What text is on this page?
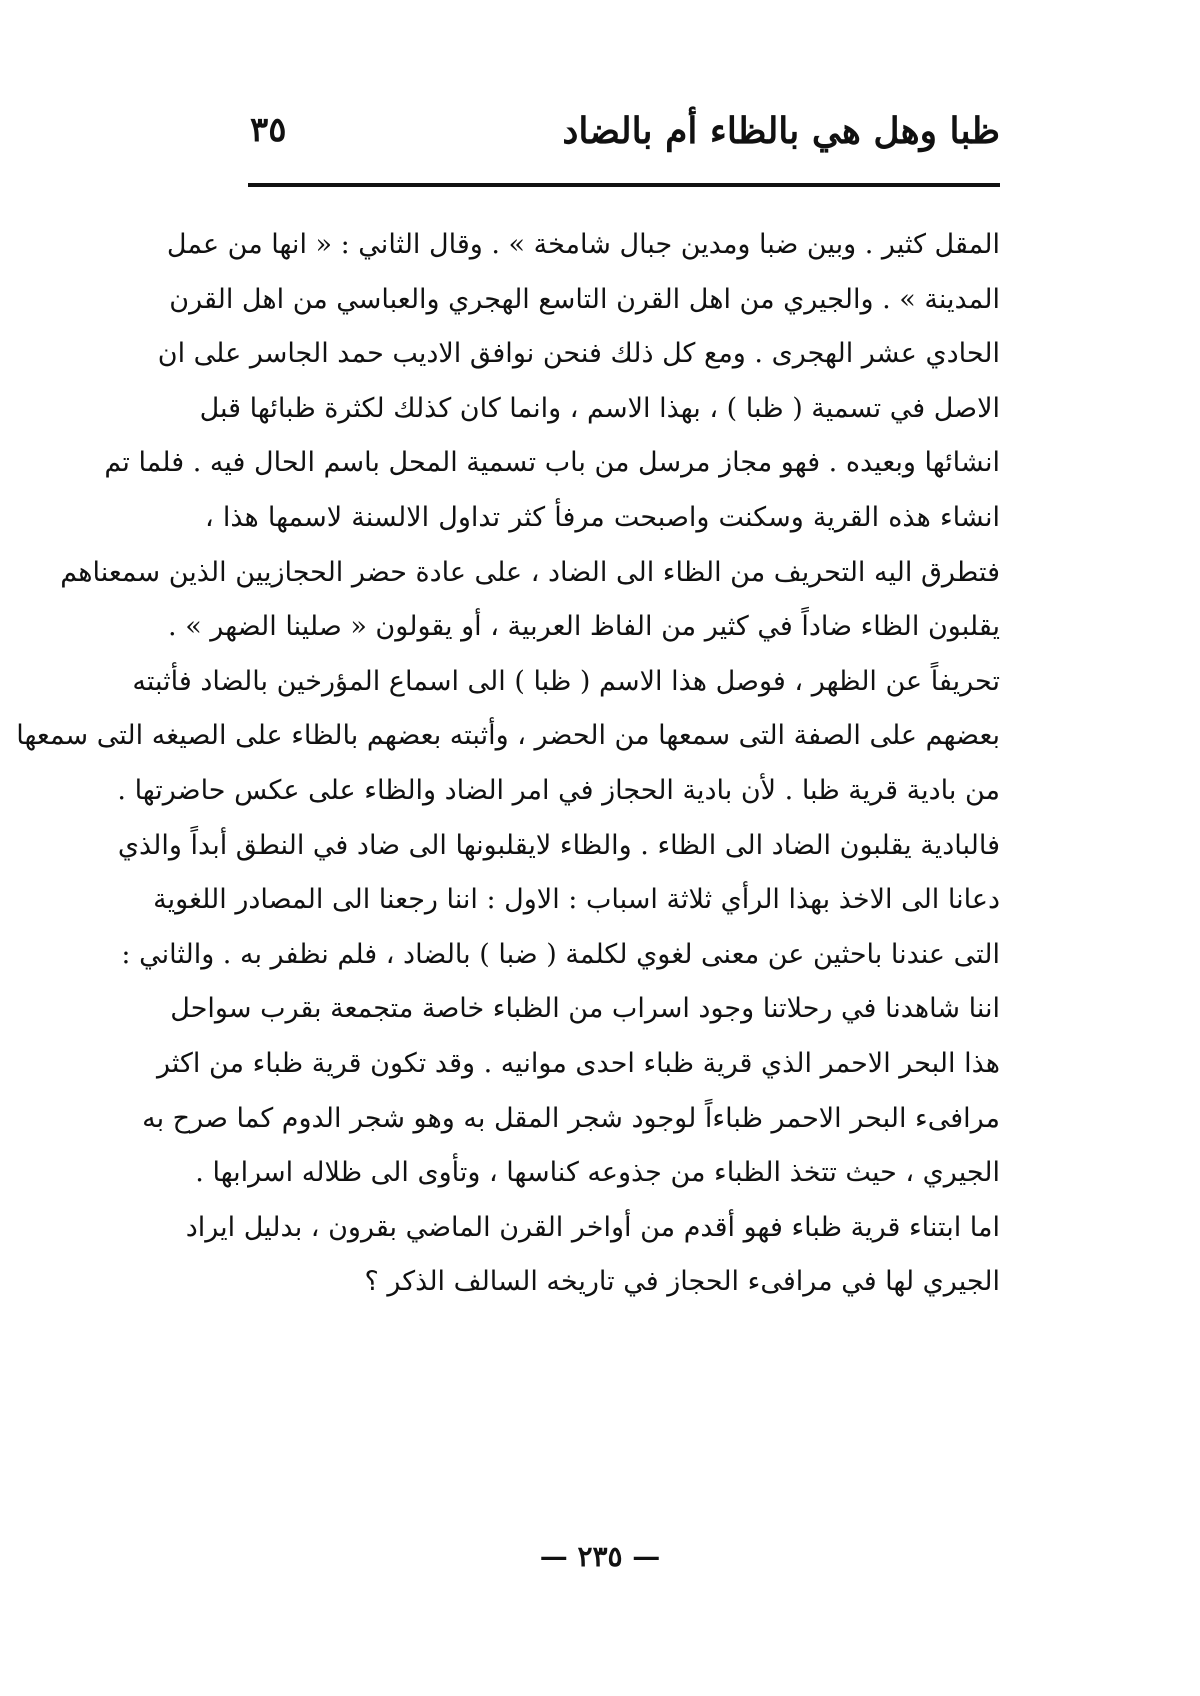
ظبا وهل هي بالظاء أم بالضاد
٣٥
المقل كثير . وبين ضبا ومدين جبال شامخة » . وقال الثاني : « انها من عمل
المدينة » . والجيري من اهل القرن التاسع الهجري والعباسي من اهل القرن
الحادي عشر الهجرى . ومع كل ذلك فنحن نوافق الاديب حمد الجاسر على ان
الاصل في تسمية ( ظبا ) ، بهذا الاسم ، وانما كان كذلك لكثرة ظبائها قبل
انشائها وبعيده . فهو مجاز مرسل من باب تسمية المحل باسم الحال فيه . فلما تم
انشاء هذه القرية وسكنت واصبحت مرفأ كثر تداول الالسنة لاسمها هذا ،
فتطرق اليه التحريف من الظاء الى الضاد ، على عادة حضر الحجازيين الذين سمعناهم
يقلبون الظاء ضاداً في كثير من الفاظ العربية ، أو يقولون « صلينا الضهر » .
تحريفاً عن الظهر ، فوصل هذا الاسم ( ظبا ) الى اسماع المؤرخين بالضاد فأثبته
بعضهم على الصفة التى سمعها من الحضر ، وأثبته بعضهم بالظاء على الصيغه التى سمعها
من بادية قرية ظبا . لأن بادية الحجاز في امر الضاد والظاء على عكس حاضرتها .
فالبادية يقلبون الضاد الى الظاء . والظاء لايقلبونها الى ضاد في النطق أبداً والذي
دعانا الى الاخذ بهذا الرأي ثلاثة اسباب : الاول : اننا رجعنا الى المصادر اللغوية
التى عندنا باحثين عن معنى لغوي لكلمة ( ضبا ) بالضاد ، فلم نظفر به . والثاني :
اننا شاهدنا في رحلاتنا وجود اسراب من الظباء خاصة متجمعة بقرب سواحل
هذا البحر الاحمر الذي قرية ظباء احدى موانيه . وقد تكون قرية ظباء من اكثر
مرافىء البحر الاحمر ظباءاً لوجود شجر المقل به وهو شجر الدوم كما صرح به
الجيري ، حيث تتخذ الظباء من جذوعه كناسها ، وتأوى الى ظلاله اسرابها .
اما ابتناء قرية ظباء فهو أقدم من أواخر القرن الماضي بقرون ، بدليل ايراد
الجيري لها في مرافىء الحجاز في تاريخه السالف الذكر ؟
— ٢٣٥ —
